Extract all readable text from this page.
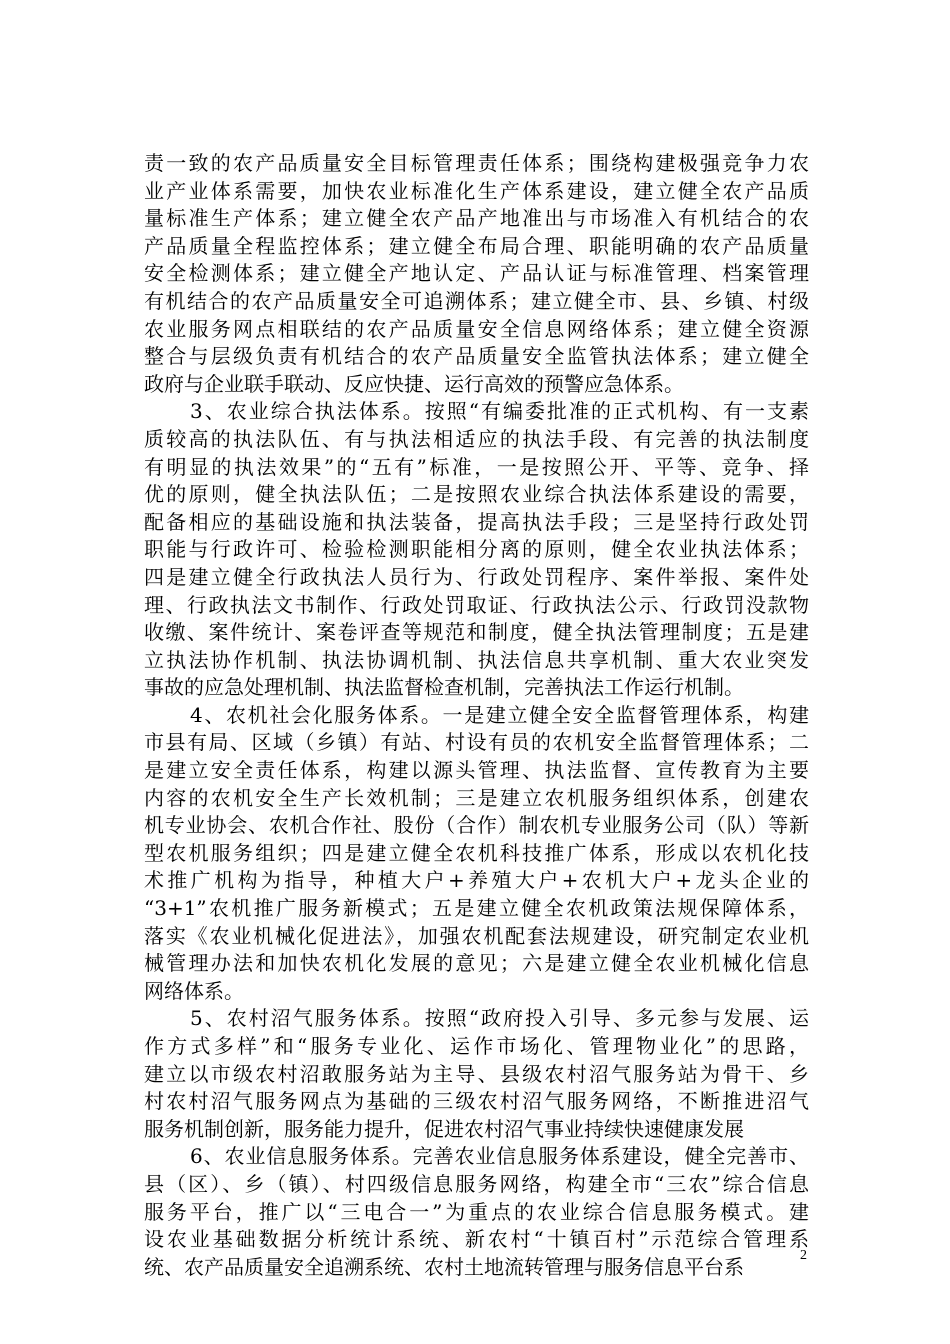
责一致的农产品质量安全目标管理责任体系；围绕构建极强竞争力农
业产业体系需要，加快农业标准化生产体系建设，建立健全农产品质
量标准生产体系；建立健全农产品产地准出与市场准入有机结合的农
产品质量全程监控体系；建立健全布局合理、职能明确的农产品质量
安全检测体系；建立健全产地认定、产品认证与标准管理、档案管理
有机结合的农产品质量安全可追溯体系；建立健全市、县、乡镇、村级
农业服务网点相联结的农产品质量安全信息网络体系；建立健全资源
整合与层级负责有机结合的农产品质量安全监管执法体系；建立健全
政府与企业联手联动、反应快捷、运行高效的预警应急体系。
3、农业综合执法体系。按照“有编委批准的正式机构、有一支素
质较高的执法队伍、有与执法相适应的执法手段、有完善的执法制度
有明显的执法效果”的“五有”标准，一是按照公开、平等、竞争、择
优的原则，健全执法队伍；二是按照农业综合执法体系建设的需要，
配备相应的基础设施和执法装备，提高执法手段；三是坚持行政处罚
职能与行政许可、检验检测职能相分离的原则，健全农业执法体系；
四是建立健全行政执法人员行为、行政处罚程序、案件举报、案件处
理、行政执法文书制作、行政处罚取证、行政执法公示、行政罚没款物
收缴、案件统计、案卷评查等规范和制度，健全执法管理制度；五是建
立执法协作机制、执法协调机制、执法信息共享机制、重大农业突发
事故的应急处理机制、执法监督检查机制，完善执法工作运行机制。
4、农机社会化服务体系。一是建立健全安全监督管理体系，构建
市县有局、区域（乡镇）有站、村设有员的农机安全监督管理体系；二
是建立安全责任体系，构建以源头管理、执法监督、宣传教育为主要
内容的农机安全生产长效机制；三是建立农机服务组织体系，创建农
机专业协会、农机合作社、股份（合作）制农机专业服务公司（队）等新
型农机服务组织；四是建立健全农机科技推广体系，形成以农机化技
术推广机构为指导，种植大户+养殖大户+农机大户+龙头企业的
“3+1”农机推广服务新模式；五是建立健全农机政策法规保障体系，
落实《农业机械化促进法》，加强农机配套法规建设，研究制定农业机
械管理办法和加快农机化发展的意见；六是建立健全农业机械化信息
网络体系。
5、农村沼气服务体系。按照“政府投入引导、多元参与发展、运
作方式多样”和“服务专业化、运作市场化、管理物业化”的思路，
建立以市级农村沼敢服务站为主导、县级农村沼气服务站为骨干、乡
村农村沼气服务网点为基础的三级农村沼气服务网络，不断推进沼气
服务机制创新，服务能力提升，促进农村沼气事业持续快速健康发展
6、农业信息服务体系。完善农业信息服务体系建设，健全完善市、
县（区）、乡（镇）、村四级信息服务网络，构建全市“三农”综合信息
服务平台，推广以“三电合一”为重点的农业综合信息服务模式。建
设农业基础数据分析统计系统、新农村“十镇百村”示范综合管理系
统、农产品质量安全追溯系统、农村土地流转管理与服务信息平台系	2
